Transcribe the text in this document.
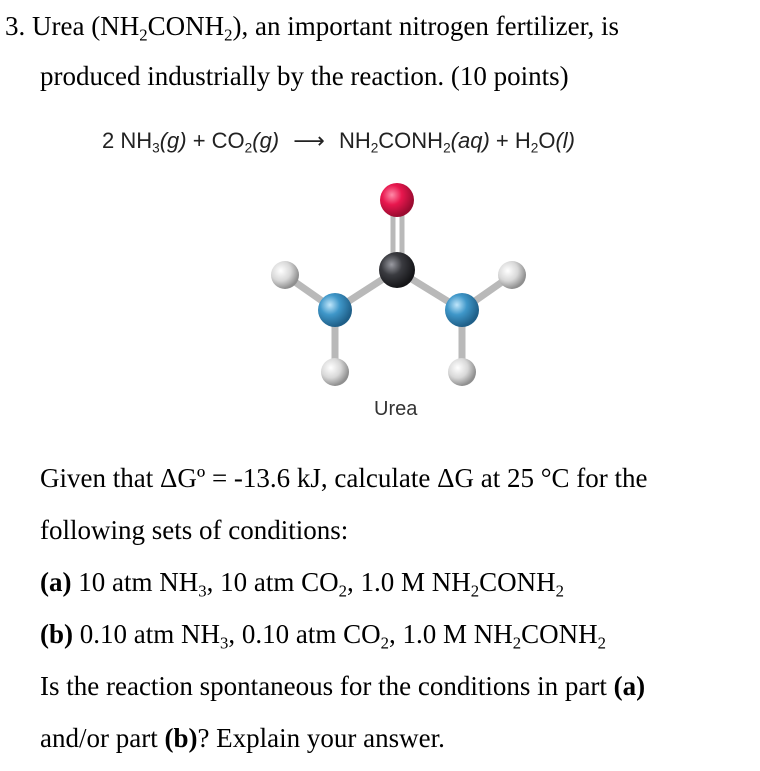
3. Urea $(NH_2CONH_2)$, an important nitrogen fertilizer, is
produced industrially by the reaction. (10 points)
2 $NH_3(g) + CO_2(g)$ ⟶ $NH_2CONH_2(aq) + H_2O(l)$
Urea
Given that ΔGº = -13.6 kJ, calculate ΔG at 25 °C for the
following sets of conditions:
(a) 10 atm $NH_3$, 10 atm $CO_2$, 1.0 M $NH_2CONH_2$
(b) 0.10 atm $NH_3$, 0.10 atm $CO_2$, 1.0 M $NH_2CONH_2$
Is the reaction spontaneous for the conditions in part (a)
and/or part (b)? Explain your answer.
